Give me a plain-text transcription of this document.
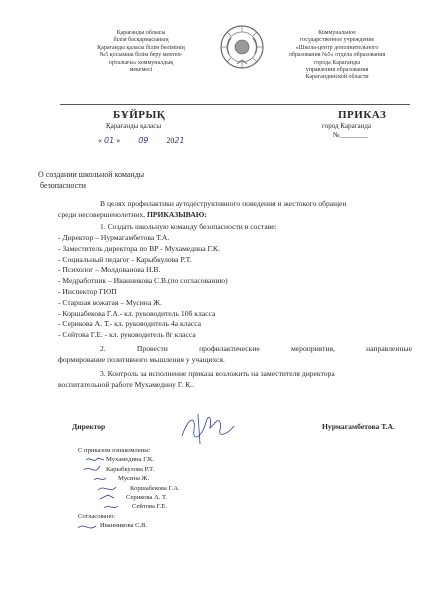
Қарағанды облысы
білім басқармасының
Қарағанды қаласы білім бөлімінің
№5 қосымша білім беру мектеп-
орталығы» коммуналдық
мекемесі
Коммунальное
государственное учреждение
«Школа-центр дополнительного
образования №5» отдела образования
города Караганды
управления образования
Карагандинской области
БҰЙРЫҚ
Қарағанды қаласы
ПРИКАЗ
город Караганда
№________
« 01 » 09 2021
О создании школьной команды
безопасности
В целях профилактики аутодеструктивного поведения и жестокого обращен
среди несовершенолетних, ПРИКАЗЫВАЮ:
1. Создать школьную команду безопасности в составе:
- Директор – Нурмагамбетова Т.А.
- Заместитель директора по ВР - Мухамедина Г.К.
- Социальный педагог - Карыбкулова Р.Т.
- Психолог – Молдованова Н.В.
- Медработник – Иванникова С.В.(по согласованию)
- Инспектор ГЮП
- Старшая вожатая – Мусина Ж.
- Коршабекова Г.А.- кл. руководитель 10б класса
- Серикова А. Т.- кл. руководитель 4а класса
- Сейтова Г.Е. - кл. руководитель 8г класса
2. Провести профилактические мероприятия, направленные
формирование позитивного мышления у учащихся.
3. Контроль за исполнение приказа возложить на заместителя директора
воспитательной работе Мухамедину Г. К..
Директор	Нурмагамбетова Т.А.
С приказом ознакомлены:
Мухамедина Г.К.
Карыбкулова Р.Т.
Мусина Ж.
Коршабекова Г.А.
Серикова А. Т.
Сейтова Г.Е.
Согласовано:
Иванникова С.В.
